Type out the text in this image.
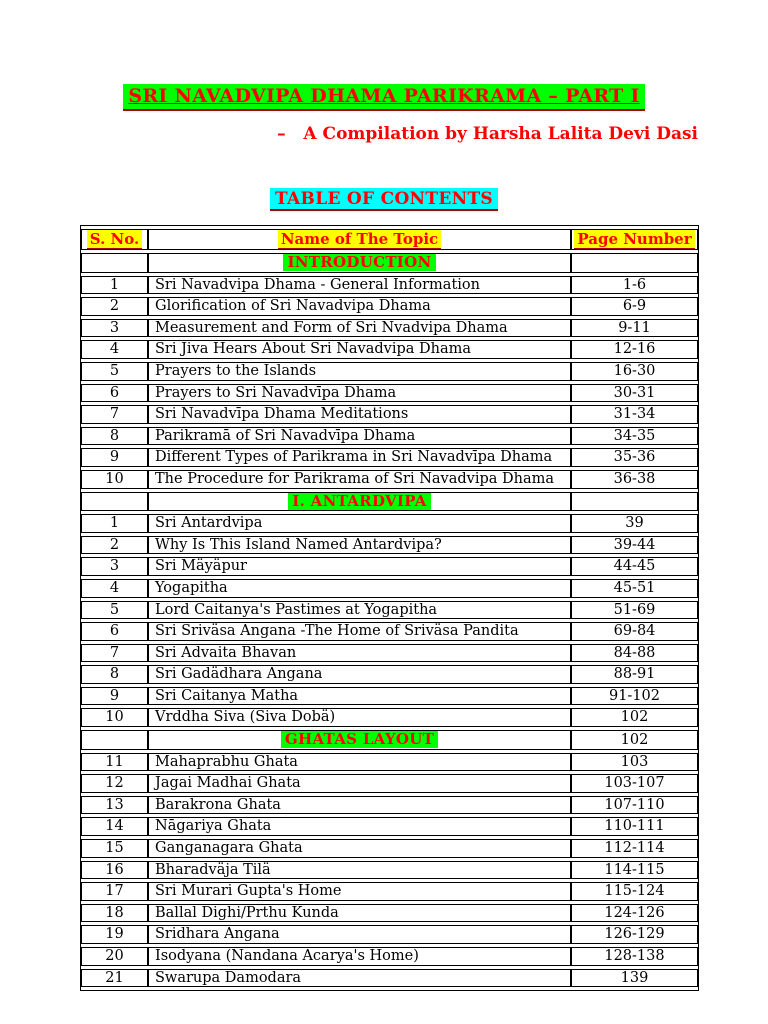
SRI NAVADVIPA DHAMA PARIKRAMA – PART I
–   A Compilation by Harsha Lalita Devi Dasi
TABLE OF CONTENTS
S. No.	Name of The Topic	Page Number
	INTRODUCTION	
1	Sri Navadvipa Dhama - General Information	1-6
2	Glorification of Sri Navadvipa Dhama	6-9
3	Measurement and Form of Sri Nvadvipa Dhama	9-11
4	Sri Jiva Hears About Sri Navadvipa Dhama	12-16
5	Prayers to the Islands	16-30
6	Prayers to Sri Navadvīpa Dhama	30-31
7	Sri Navadvīpa Dhama Meditations	31-34
8	Parikramā of Sri Navadvīpa Dhama	34-35
9	Different Types of Parikrama in Sri Navadvīpa Dhama	35-36
10	The Procedure for Parikrama of Sri Navadvipa Dhama	36-38
	I. ANTARDVIPA	
1	Sri Antardvipa	39
2	Why Is This Island Named Antardvipa?	39-44
3	Sri Mäyäpur	44-45
4	Yogapitha	45-51
5	Lord Caitanya's Pastimes at Yogapitha	51-69
6	Sri Sriväsa Angana -The Home of Sriväsa Pandita	69-84
7	Sri Advaita Bhavan	84-88
8	Sri Gadädhara Angana	88-91
9	Sri Caitanya Matha	91-102
10	Vrddha Siva (Siva Dobä)	102
	GHATAS LAYOUT	102
11	Mahaprabhu Ghata	103
12	Jagai Madhai Ghata	103-107
13	Barakrona Ghata	107-110
14	Nāgariya Ghata	110-111
15	Ganganagara Ghata	112-114
16	Bharadväja Tilä	114-115
17	Sri Murari Gupta's Home	115-124
18	Ballal Dighi/Prthu Kunda	124-126
19	Sridhara Angana	126-129
20	Isodyana (Nandana Acarya's Home)	128-138
21	Swarupa Damodara	139
